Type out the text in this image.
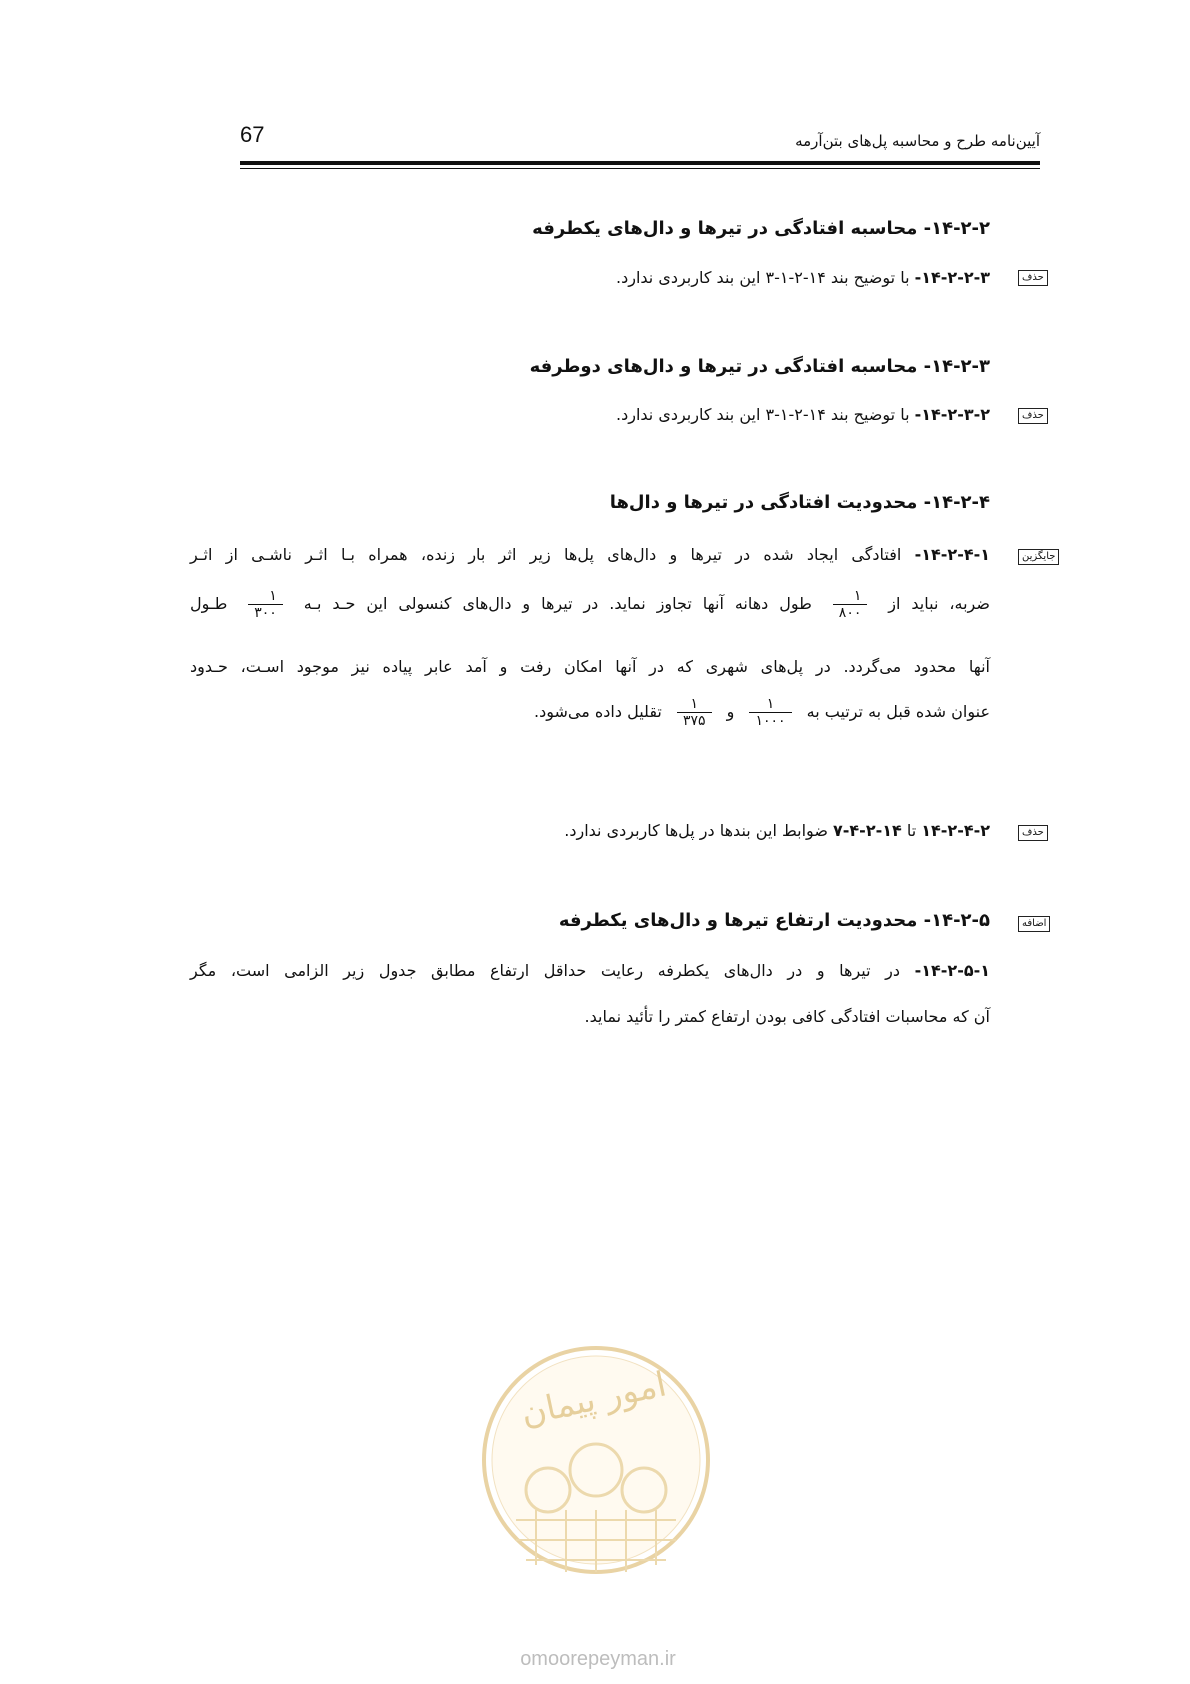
67	آیین‌نامه طرح و محاسبه پل‌های بتن‌آرمه
۱۴-۲-۲- محاسبه افتادگی در تیرها و دال‌های یکطرفه
حذف
۱۴-۲-۲-۳- با توضیح بند ۱۴-۲-۱-۳ این بند کاربردی ندارد.
۱۴-۲-۳- محاسبه افتادگی در تیرها و دال‌های دوطرفه
حذف
۱۴-۲-۳-۲- با توضیح بند ۱۴-۲-۱-۳ این بند کاربردی ندارد.
۱۴-۲-۴- محدودیت افتادگی در تیرها و دال‌ها
جایگزین
۱۴-۲-۴-۱- افتادگی ایجاد شده در تیرها و دال‌های پل‌ها زیر اثر بار زنده، همراه بـا اثـر ناشـی از اثـر
ضربه، نباید از
$\frac{۱}{۸۰۰}$
طول دهانه آنها تجاوز نماید. در تیرها و دال‌های کنسولی این حـد بـه
$\frac{۱}{۳۰۰}$
طـول
آنها محدود می‌گردد. در پل‌های شهری که در آنها امکان رفت و آمد عابر پیاده نیز موجود اسـت، حـدود
عنوان شده قبل به ترتیب به
$\frac{۱}{۱۰۰۰}$
و
$\frac{۱}{۳۷۵}$
تقلیل داده می‌شود.
حذف
۱۴-۲-۴-۲ تا ۱۴-۲-۴-۷ ضوابط این بندها در پل‌ها کاربردی ندارد.
اضافه
۱۴-۲-۵- محدودیت ارتفاع تیرها و دال‌های یکطرفه
۱۴-۲-۵-۱- در تیرها و در دال‌های یکطرفه رعایت حداقل ارتفاع مطابق جدول زیر الزامی است، مگر
آن که محاسبات افتادگی کافی بودن ارتفاع کمتر را تأئید نماید.
امور پیمان
omoorepeyman.ir
